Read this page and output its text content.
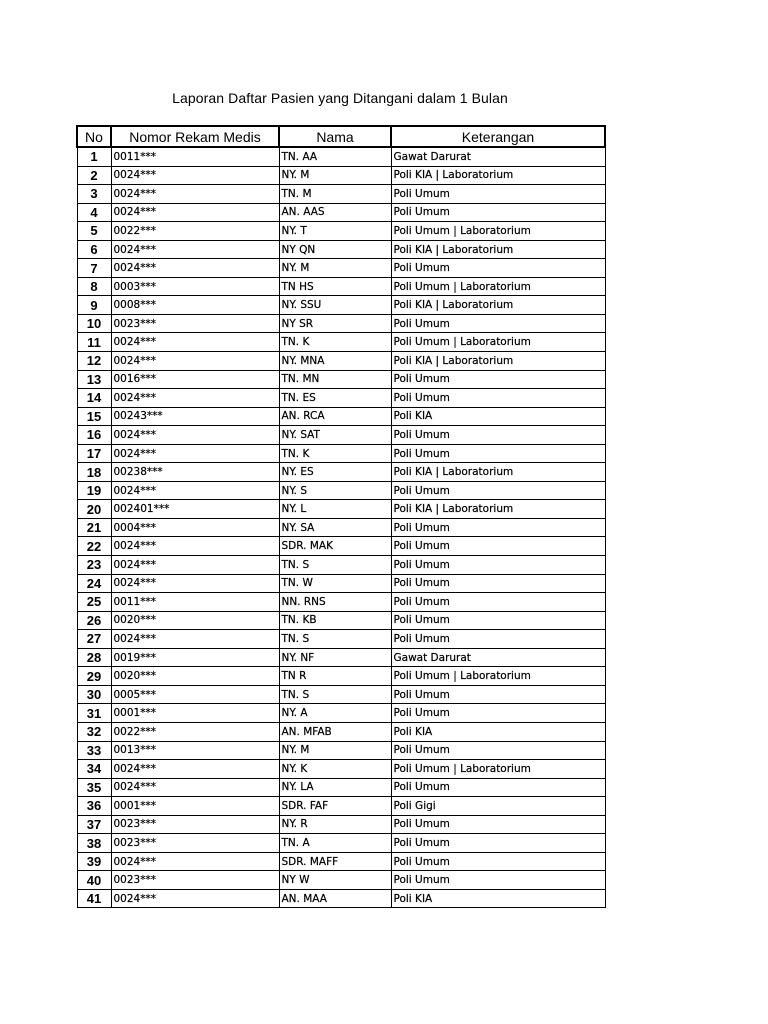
Laporan Daftar Pasien yang Ditangani dalam 1 Bulan
No	Nomor Rekam Medis	Nama	Keterangan
1	0011***	TN. AA	Gawat Darurat
2	0024***	NY. M	Poli KIA | Laboratorium
3	0024***	TN. M	Poli Umum
4	0024***	AN. AAS	Poli Umum
5	0022***	NY. T	Poli Umum | Laboratorium
6	0024***	NY QN	Poli KIA | Laboratorium
7	0024***	NY. M	Poli Umum
8	0003***	TN HS	Poli Umum | Laboratorium
9	0008***	NY. SSU	Poli KIA | Laboratorium
10	0023***	NY SR	Poli Umum
11	0024***	TN. K	Poli Umum | Laboratorium
12	0024***	NY. MNA	Poli KIA | Laboratorium
13	0016***	TN. MN	Poli Umum
14	0024***	TN. ES	Poli Umum
15	00243***	AN. RCA	Poli KIA
16	0024***	NY. SAT	Poli Umum
17	0024***	TN. K	Poli Umum
18	00238***	NY. ES	Poli KIA | Laboratorium
19	0024***	NY. S	Poli Umum
20	002401***	NY. L	Poli KIA | Laboratorium
21	0004***	NY. SA	Poli Umum
22	0024***	SDR. MAK	Poli Umum
23	0024***	TN. S	Poli Umum
24	0024***	TN. W	Poli Umum
25	0011***	NN. RNS	Poli Umum
26	0020***	TN. KB	Poli Umum
27	0024***	TN. S	Poli Umum
28	0019***	NY. NF	Gawat Darurat
29	0020***	TN R	Poli Umum | Laboratorium
30	0005***	TN. S	Poli Umum
31	0001***	NY. A	Poli Umum
32	0022***	AN. MFAB	Poli KIA
33	0013***	NY. M	Poli Umum
34	0024***	NY. K	Poli Umum | Laboratorium
35	0024***	NY. LA	Poli Umum
36	0001***	SDR. FAF	Poli Gigi
37	0023***	NY. R	Poli Umum
38	0023***	TN. A	Poli Umum
39	0024***	SDR. MAFF	Poli Umum
40	0023***	NY W	Poli Umum
41	0024***	AN. MAA	Poli KIA
